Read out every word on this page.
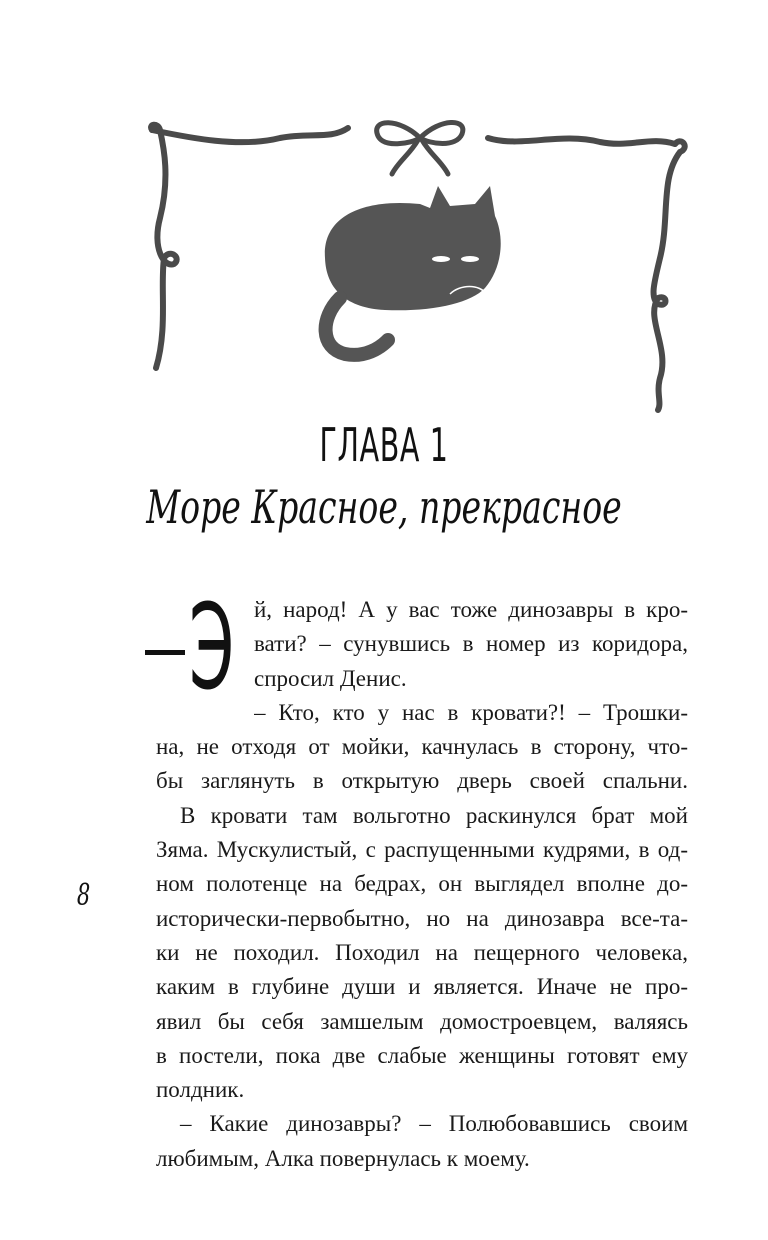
ГЛАВА 1
Море Красное, прекрасное
Э й, народ! А у вас тоже динозавры в кро-
вати? – сунувшись в номер из коридора,
спросил Денис.
– Кто, кто у нас в кровати?! – Трошки-
на, не отходя от мойки, качнулась в сторону, что-
бы заглянуть в открытую дверь своей спальни.
В кровати там вольготно раскинулся брат мой
Зяма. Мускулистый, с распущенными кудрями, в од-
ном полотенце на бедрах, он выглядел вполне до-
исторически-первобытно, но на динозавра все-та-
ки не походил. Походил на пещерного человека,
каким в глубине души и является. Иначе не про-
явил бы себя замшелым домостроевцем, валяясь
в постели, пока две слабые женщины готовят ему
полдник.
– Какие динозавры? – Полюбовавшись своим
любимым, Алка повернулась к моему.
8
